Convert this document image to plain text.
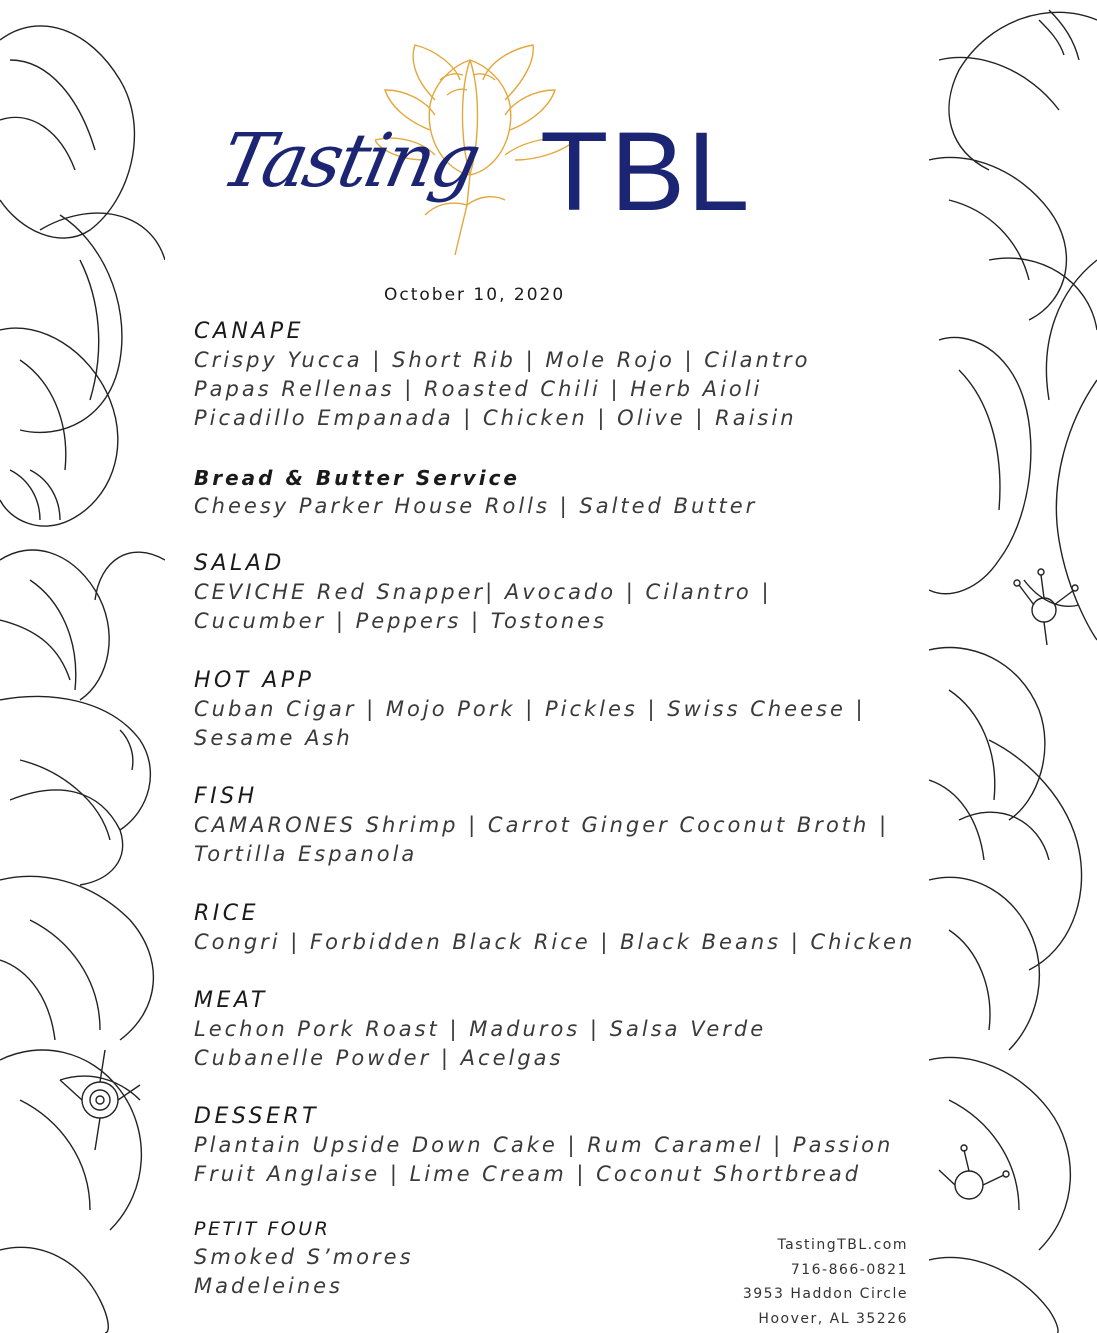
Tasting TBL
October 10, 2020
CANAPE
Crispy Yucca | Short Rib | Mole Rojo | Cilantro
Papas Rellenas | Roasted Chili | Herb Aioli
Picadillo Empanada | Chicken | Olive | Raisin
Bread & Butter Service
Cheesy Parker House Rolls | Salted Butter
SALAD
CEVICHE Red Snapper| Avocado | Cilantro |
Cucumber | Peppers | Tostones
HOT APP
Cuban Cigar | Mojo Pork | Pickles | Swiss Cheese |
Sesame Ash
FISH
CAMARONES Shrimp | Carrot Ginger Coconut Broth |
Tortilla Espanola
RICE
Congri | Forbidden Black Rice | Black Beans | Chicken
MEAT
Lechon Pork Roast | Maduros | Salsa Verde
Cubanelle Powder | Acelgas
DESSERT
Plantain Upside Down Cake | Rum Caramel | Passion
Fruit Anglaise | Lime Cream | Coconut Shortbread
PETIT FOUR
Smoked S’mores
Madeleines
TastingTBL.com
716-866-0821
3953 Haddon Circle
Hoover, AL 35226
